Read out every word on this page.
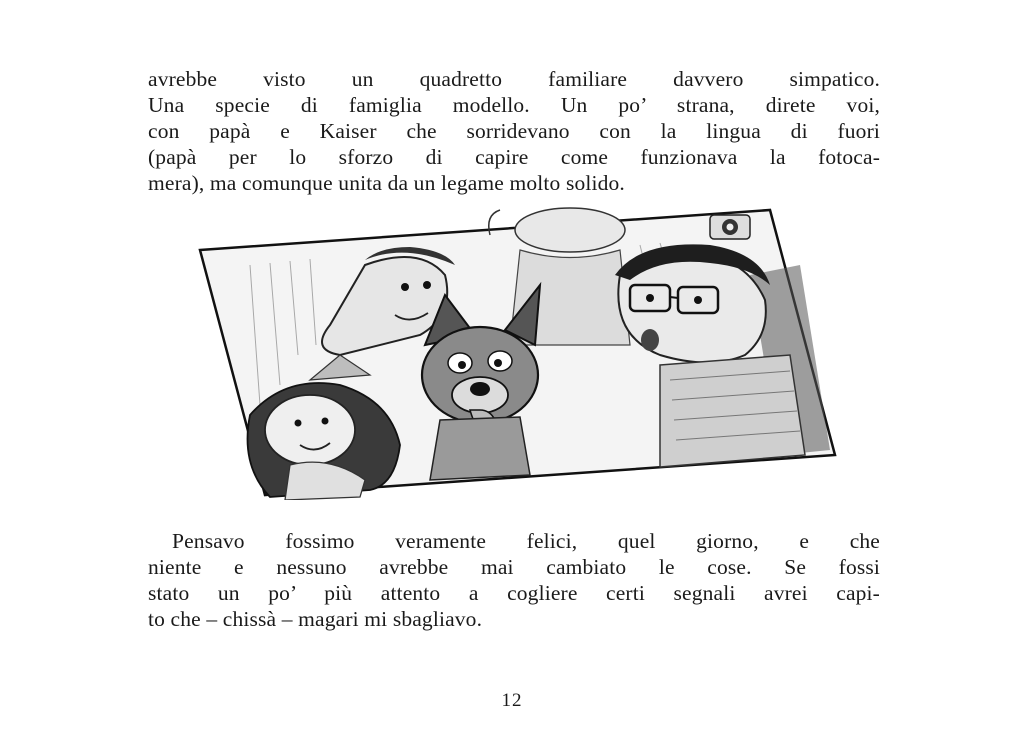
avrebbe visto un quadretto familiare davvero simpatico.
Una specie di famiglia modello. Un po’ strana, direte voi,
con papà e Kaiser che sorridevano con la lingua di fuori
(papà per lo sforzo di capire come funzionava la fotoca-
mera), ma comunque unita da un legame molto solido.
Pensavo fossimo veramente felici, quel giorno, e che
niente e nessuno avrebbe mai cambiato le cose. Se fossi
stato un po’ più attento a cogliere certi segnali avrei capi-
to che – chissà – magari mi sbagliavo.
12
